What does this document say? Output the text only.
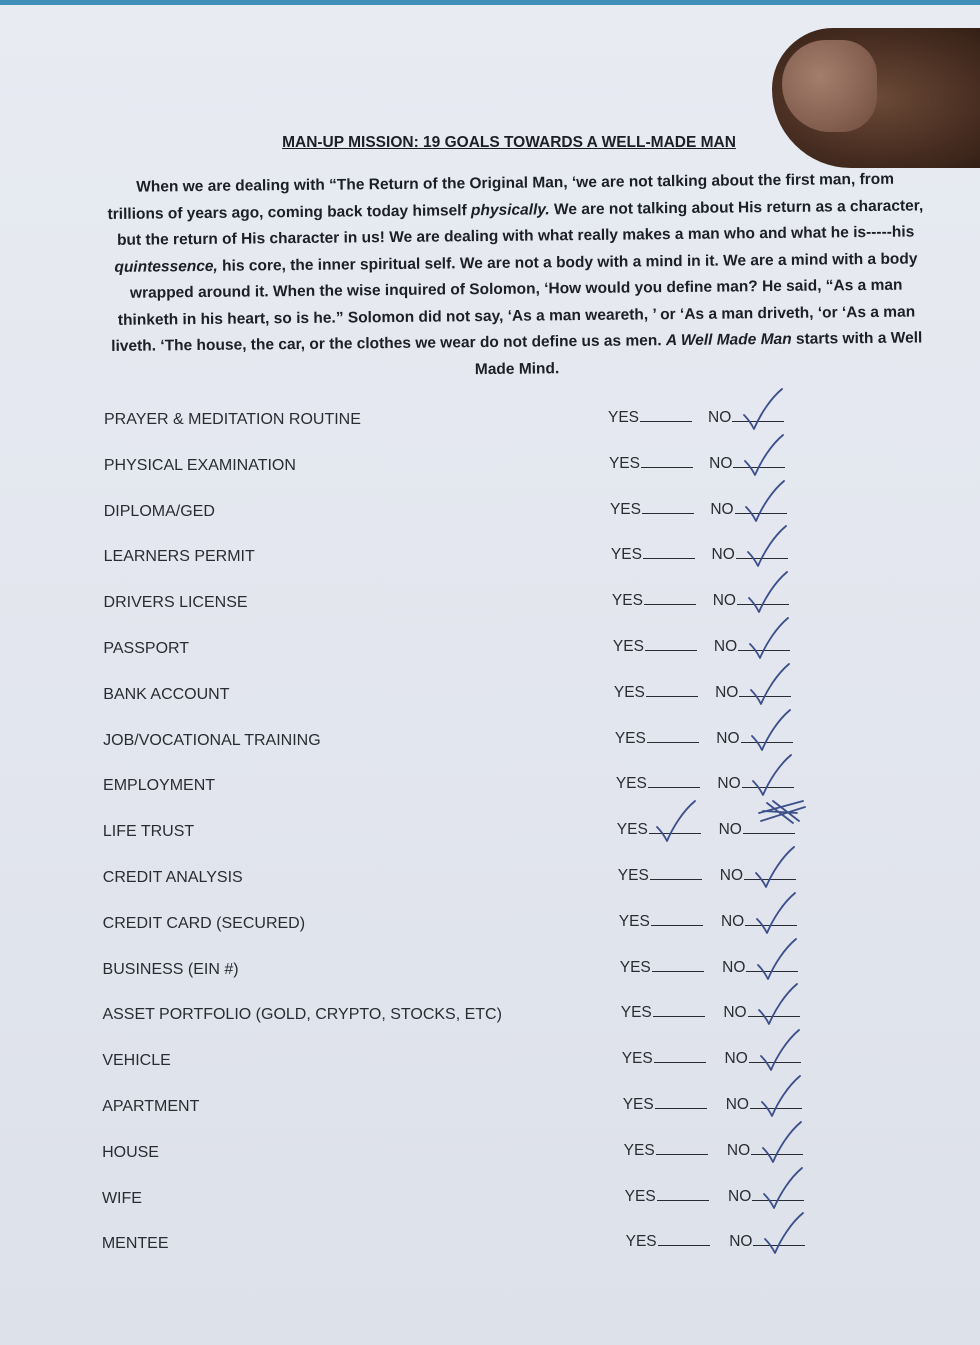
MAN-UP MISSION: 19 GOALS TOWARDS A WELL-MADE MAN
When we are dealing with “The Return of the Original Man, ‘we are not talking about the first man, from trillions of years ago, coming back today himself physically. We are not talking about His return as a character, but the return of His character in us! We are dealing with what really makes a man who and what he is-----his quintessence, his core, the inner spiritual self. We are not a body with a mind in it. We are a mind with a body wrapped around it. When the wise inquired of Solomon, ‘How would you define man? He said, “As a man thinketh in his heart, so is he.” Solomon did not say, ‘As a man weareth, ’ or ‘As a man driveth, ‘or ‘As a man liveth. ‘The house, the car, or the clothes we wear do not define us as men. A Well Made Man starts with a Well Made Mind.
PRAYER & MEDITATION ROUTINE	YES	NO
PHYSICAL EXAMINATION	YES	NO
DIPLOMA/GED	YES	NO
LEARNERS PERMIT	YES	NO
DRIVERS LICENSE	YES	NO
PASSPORT	YES	NO
BANK ACCOUNT	YES	NO
JOB/VOCATIONAL TRAINING	YES	NO
EMPLOYMENT	YES	NO
LIFE TRUST	YES	NO
CREDIT ANALYSIS	YES	NO
CREDIT CARD (SECURED)	YES	NO
BUSINESS (EIN #)	YES	NO
ASSET PORTFOLIO (GOLD, CRYPTO, STOCKS, ETC)	YES	NO
VEHICLE	YES	NO
APARTMENT	YES	NO
HOUSE	YES	NO
WIFE	YES	NO
MENTEE	YES	NO
